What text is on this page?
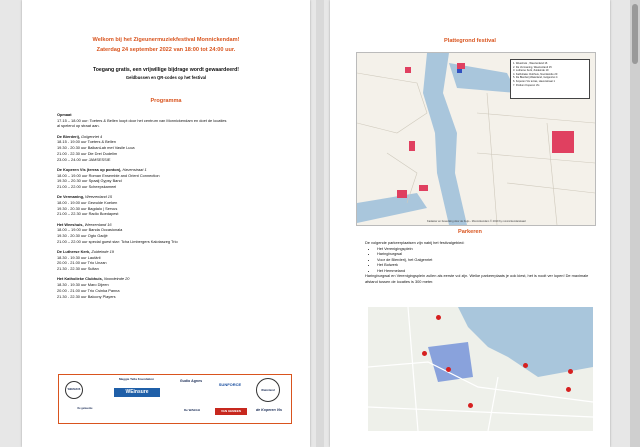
Welkom bij het Zigeunermuziekfestival Monnickendam!
Zaterdag 24 september 2022 van 18:00 tot 24:00 uur.
Toegang gratis, een vrijwillige bijdrage wordt gewaardeerd!
Geldbussen en QR-codes op het festival
Programma
Opmaat
17.15 – 18.00 uur: Toeters & Bellen loopt door het centrum van Monnickendam en doet de locaties
al spelend op straat aan.
De Bierderij, Golgenriet 4
18.15 - 19.00 uur Toeters & Bellen
19.30 - 20.30 uur BalkanLab met Vasile Luca
21.00 - 22.30 uur Die Drei Dudelim
23.00 – 24.00 uur JAMSESSIE
De Koperen Vis (terras op ponton), Havenstraat 1
18.00 – 19.00 uur Roman Ensemble and Orient Connection
19.30 – 20.30 uur Spaalj Gypsy Band
21.00 – 22.00 uur Scheepskameel
De Vermaning, Weezenland 15
18.00 - 19.00 uur Gewulde Koeken
19.30 - 20.30 uur Bagdalo | Servus
21.00 – 22.30 uur Radio Boedapest
Het Weeshuis, Weezenland 16
18.00 – 19.00 uur Banda Occasionala
19.30 - 20.30 uur Ogto Gadjé
21.00 – 22.00 uur special guest star: Tcha Limbergers Kalotaszeg Trio
De Lutherse Kerk, Zuideinde 19
18.30 - 19.30 uur Lautärii
20.00 - 21.00 uur Trio Unzan
21.30 - 22.30 uur Sultan
Het Katholieke Clubhuis, Noordeinde 20
18.30 - 19.30 uur Maro Dijeen
20.00 - 21.00 uur Trio Csinka Panna
21.30 - 22.30 uur Balcony Players
WEESHUIS
Maggie Tetla Foundation
WEinsure
Gudio Agnes
SUNFORCE
Waterland
De gemeente
VAN GEMEEN
De WAEGH	de Koperen Vis
Plattegrond festival
1. Weeshuis , Weezenland 16
2. De Vermaning, Weezenland 15
3. Lutherse Kerk, Zuideinde 19
4. Katholieke Clubhuis, Noordeinde 20
5. De Bierderij Waterland, Golgenriet 4
6. Koperen Vis terras, Havenstraat 1
7. Podium Koperen Vis
Kadaster en bewerking door de Kuijs - Monnickendam © 2019 by monnickendamkaart
Parkeren
De volgende parkeerplaatsen zijn nabij het festivalgebied:
• Het Verenigingsplein
• Haringburgwal
• Voor de Bierderij, het Galgenriet
• Het Bolwerk
• Het Hemmeland
Haringburgwal en Verenigingsplein zullen als eerste vol zijn. Welke parkeerplaats je ook kiest, het is nooit ver lopen! De maximale afstand tussen de locaties is 300 meter.
